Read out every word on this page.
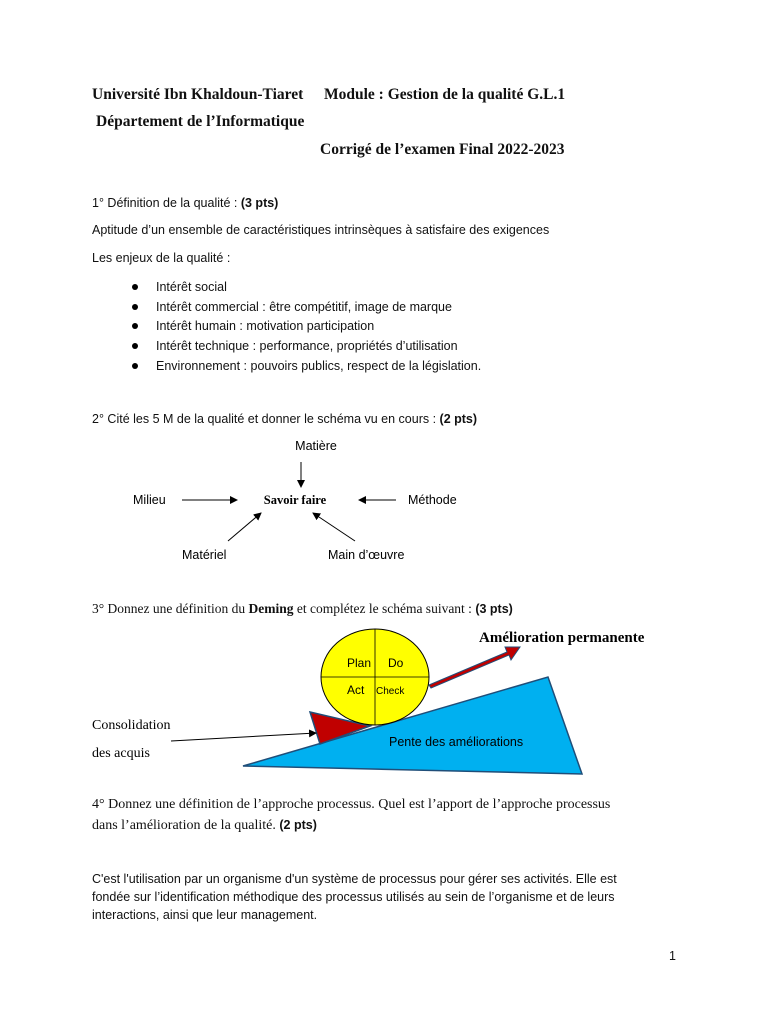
Université Ibn Khaldoun-Tiaret Module : Gestion de la qualité G.L.1
Département de l’Informatique
Corrigé de l’examen Final 2022-2023
1° Définition de la qualité : (3 pts)
Aptitude d’un ensemble de caractéristiques intrinsèques à satisfaire des exigences
Les enjeux de la qualité :
Intérêt social
Intérêt commercial : être compétitif, image de marque
Intérêt humain : motivation participation
Intérêt technique : performance, propriétés d’utilisation
Environnement : pouvoirs publics, respect de la législation.
2° Cité les 5 M de la qualité et donner le schéma vu en cours : (2 pts)
Matière
Milieu	Savoir faire	Méthode
Matériel	Main d’œuvre
3° Donnez une définition du Deming et complétez le schéma suivant : (3 pts)
Amélioration permanente
Pente des améliorations
Plan Do
Act Check
Consolidation
des acquis
4° Donnez une définition de l’approche processus. Quel est l’apport de l’approche processus
dans l’amélioration de la qualité. (2 pts)
C'est l'utilisation par un organisme d'un système de processus pour gérer ses activités. Elle est
fondée sur l’identification méthodique des processus utilisés au sein de l’organisme et de leurs
interactions, ainsi que leur management.
1
